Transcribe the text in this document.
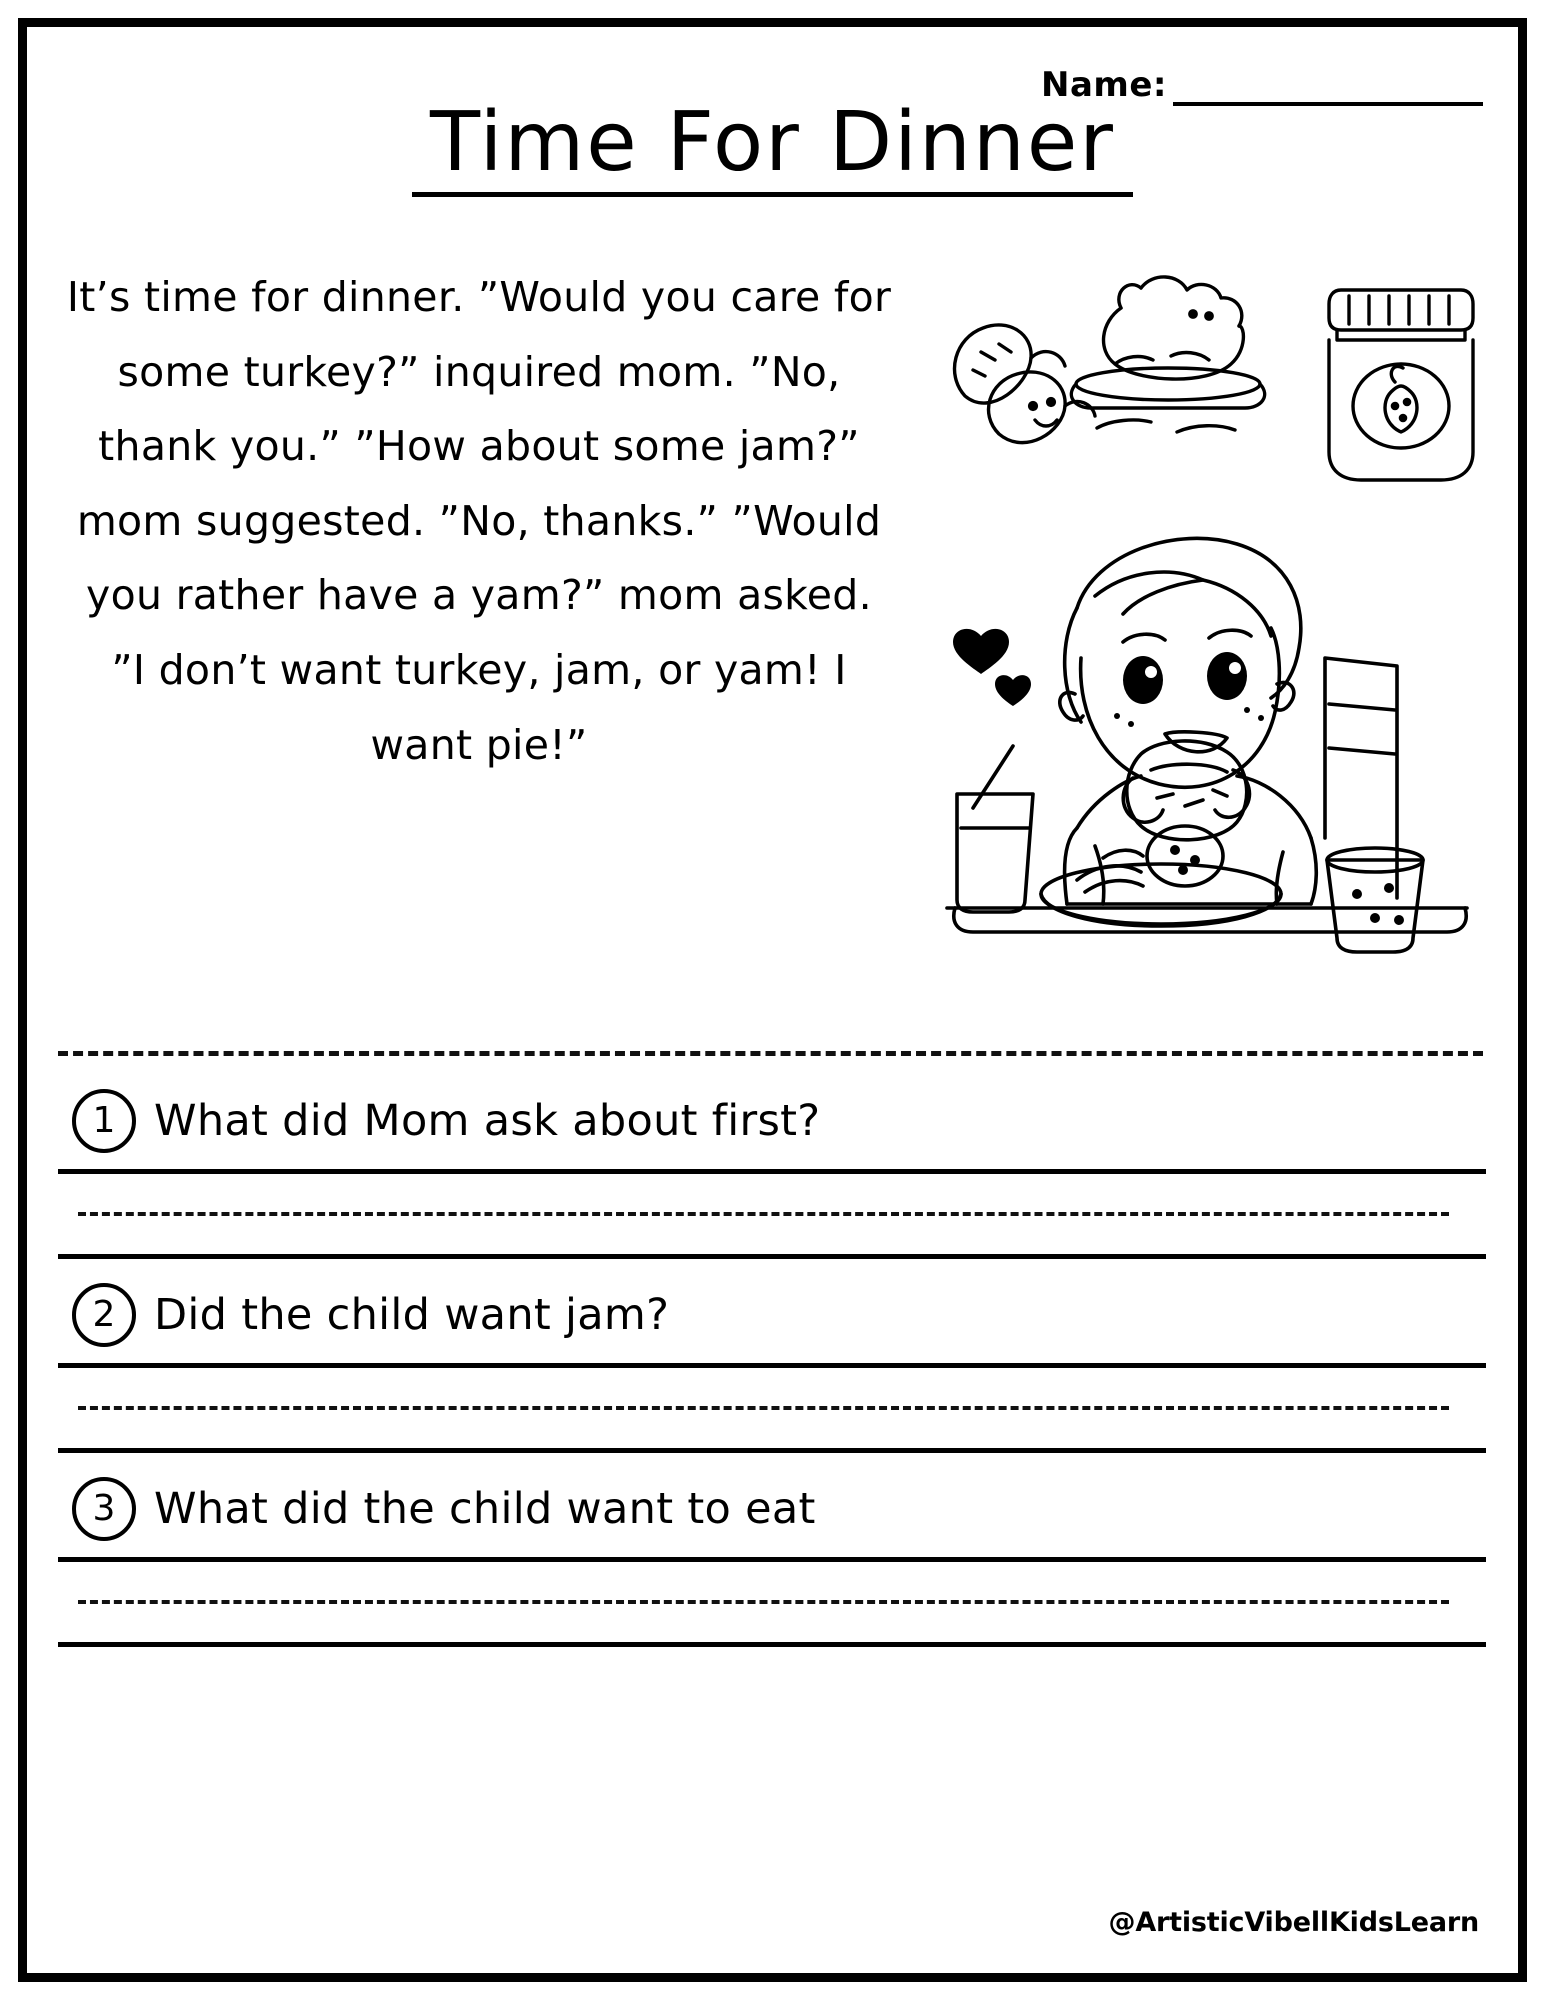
Name:
Time For Dinner

It’s time for dinner. ”Would you care for some turkey?” inquired mom. ”No, thank you.” ”How about some jam?” mom suggested. ”No, thanks.” ”Would you rather have a yam?” mom asked. ”I don’t want turkey, jam, or yam! I want pie!”

1 What did Mom ask about first?
2 Did the child want jam?
3 What did the child want to eat
@ArtisticVibellKidsLearn
